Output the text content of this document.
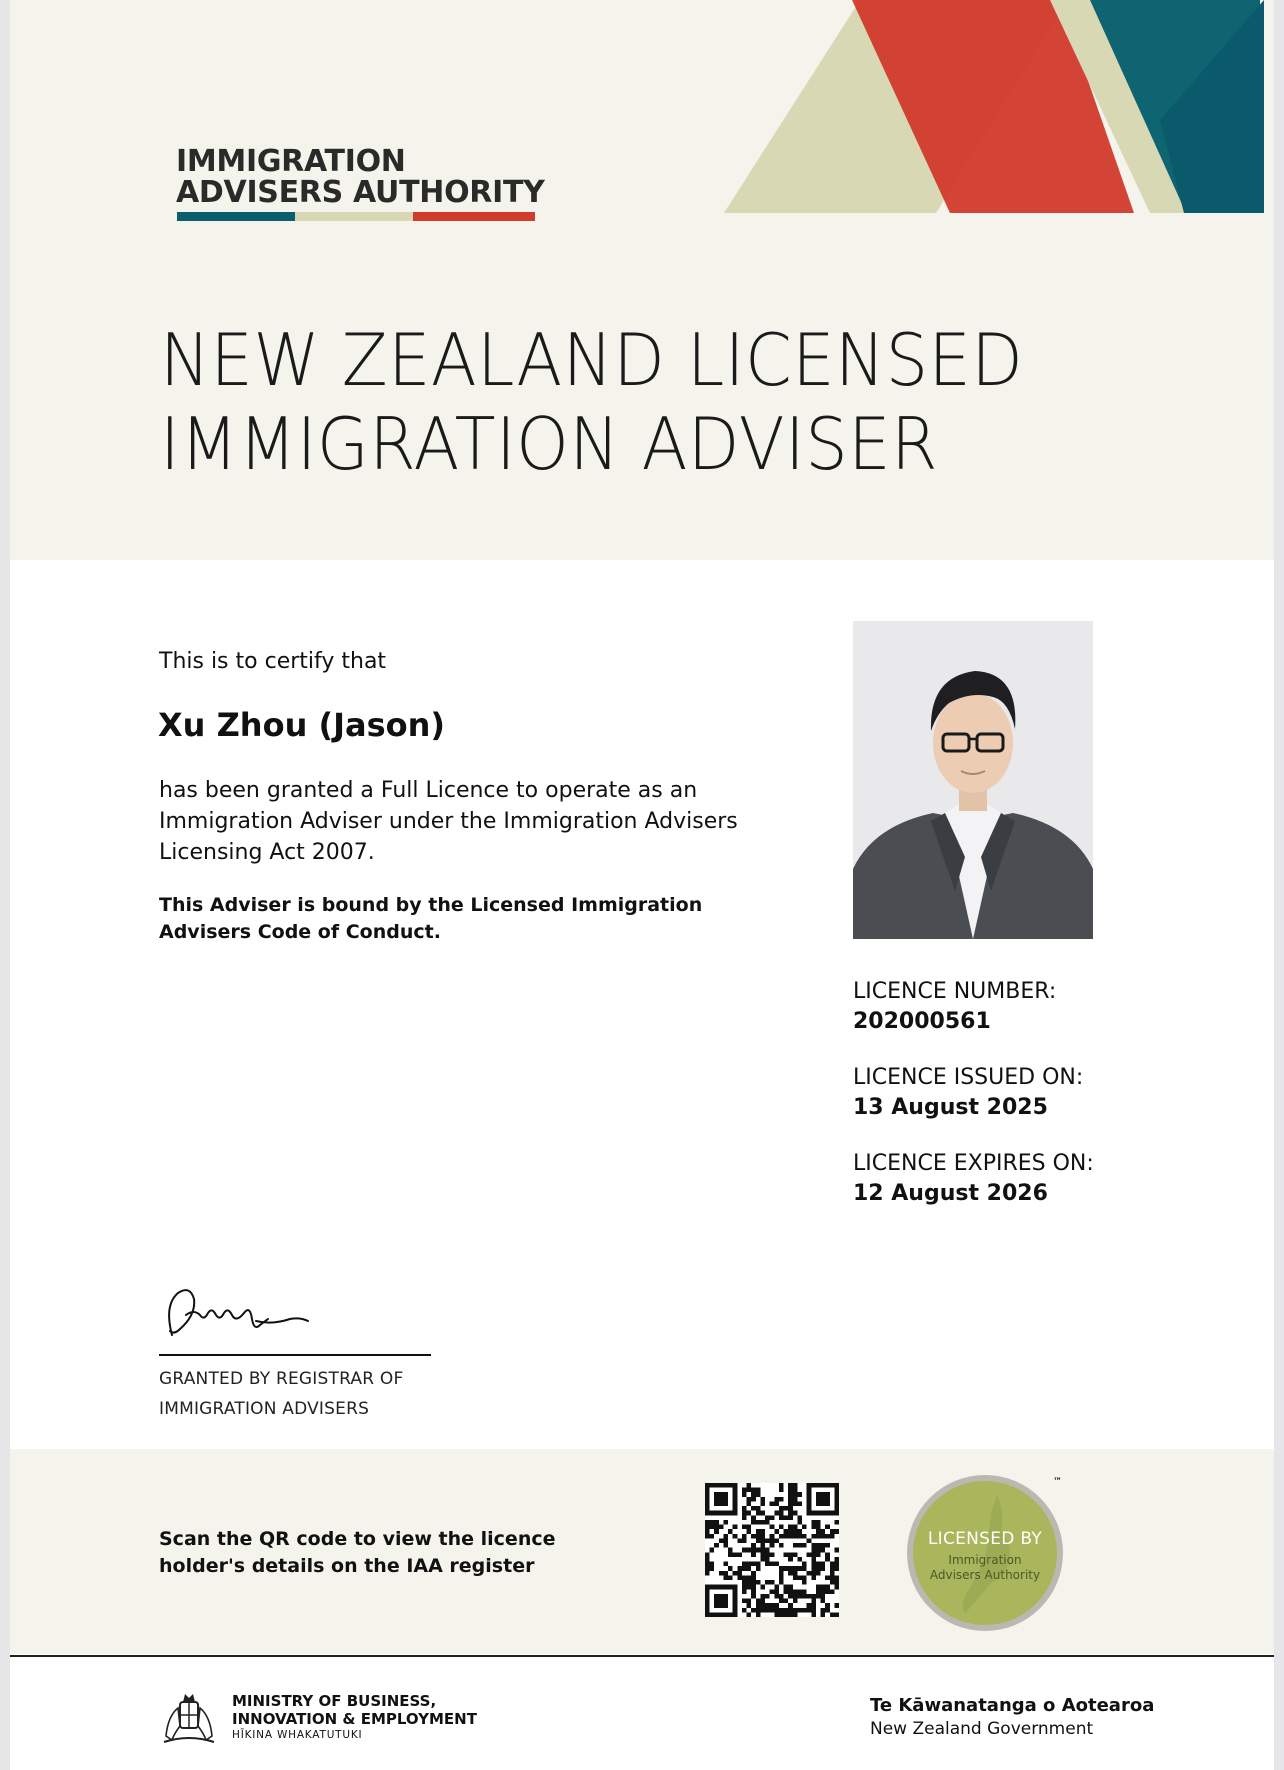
IMMIGRATION
ADVISERS AUTHORITY
NEW ZEALAND LICENSED
IMMIGRATION ADVISER
This is to certify that
Xu Zhou (Jason)
has been granted a Full Licence to operate as an Immigration Adviser under the Immigration Advisers Licensing Act 2007.
This Adviser is bound by the Licensed Immigration Advisers Code of Conduct.
LICENCE NUMBER:
202000561
LICENCE ISSUED ON:
13 August 2025
LICENCE EXPIRES ON:
12 August 2026
GRANTED BY REGISTRAR OF
IMMIGRATION ADVISERS
Scan the QR code to view the licence holder's details on the IAA register
™
LICENSED BY
Immigration
Advisers Authority
MINISTRY OF BUSINESS,
INNOVATION & EMPLOYMENT
HĪKINA WHAKATUTUKI
Te Kāwanatanga o Aotearoa
New Zealand Government
